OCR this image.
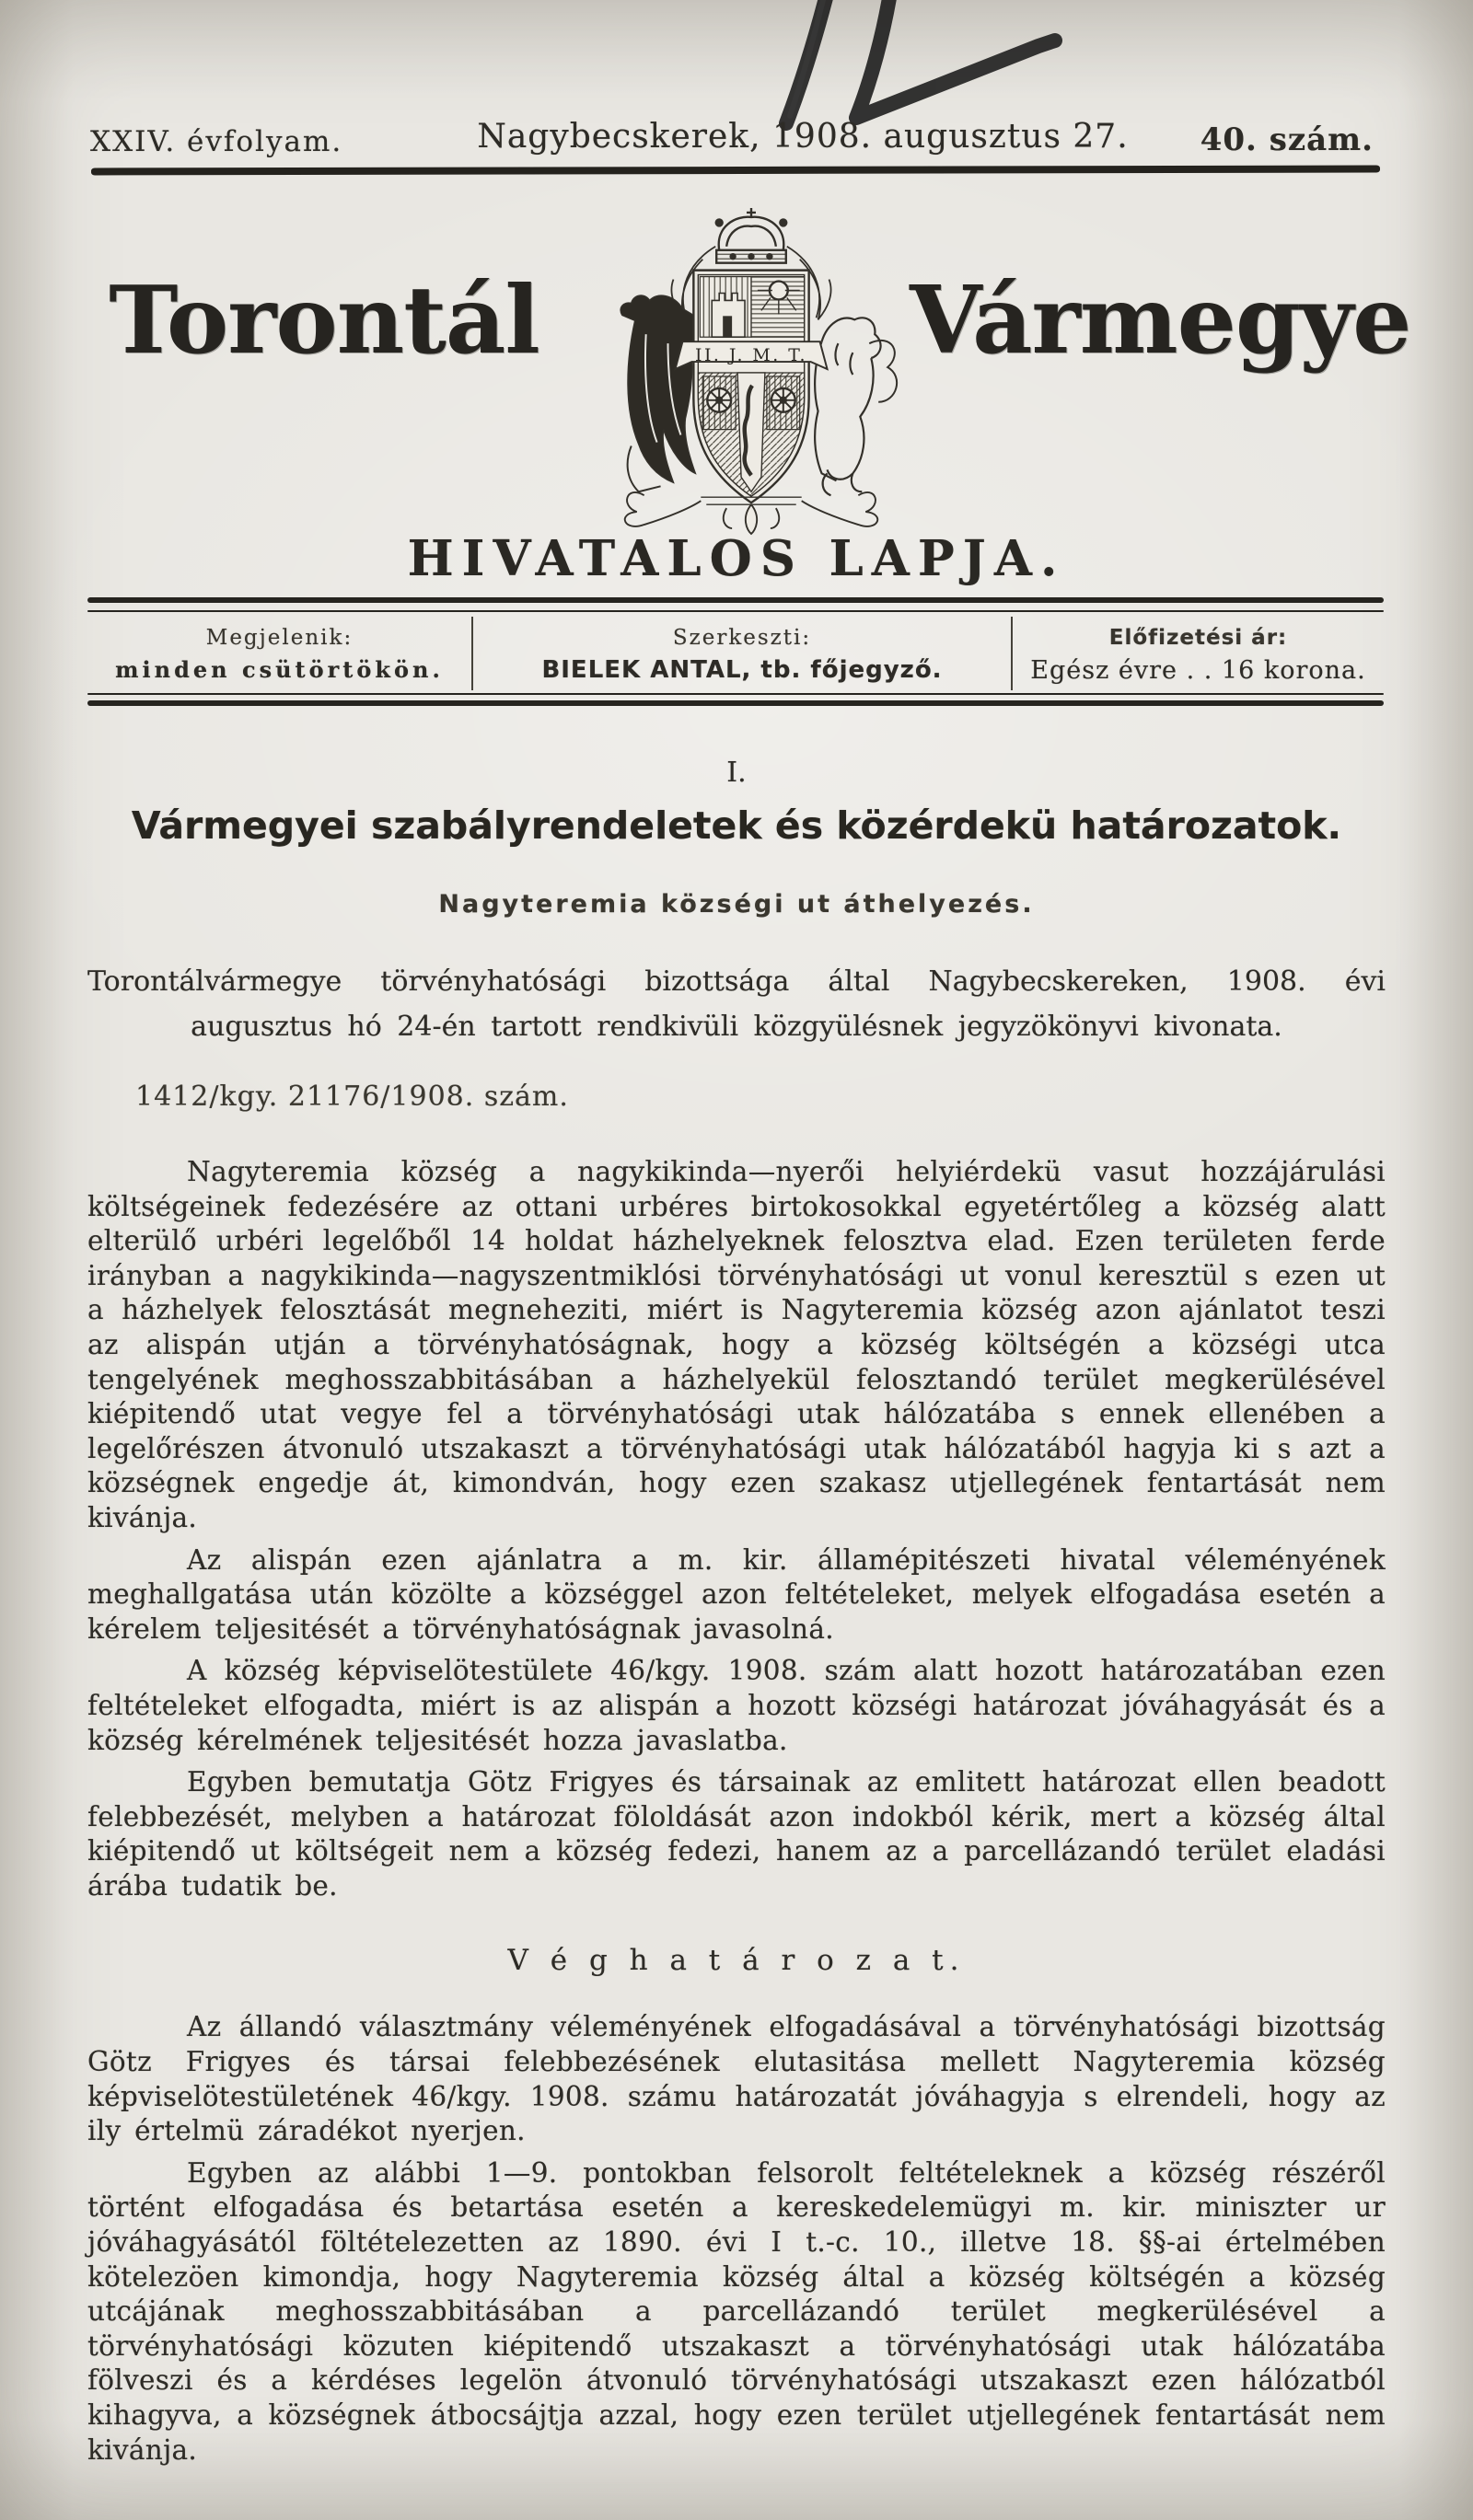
XXIV. évfolyam.	Nagybecskerek, 1908. augusztus 27. 40. szám.
Torontál	Vármegye
II. J. M. T.
HIVATALOS LAPJA.
Megjelenik:
minden csütörtökön.
Szerkeszti:
BIELEK ANTAL, tb. főjegyző.
Előfizetési ár:
Egész évre . . 16 korona.
I.
Vármegyei szabályrendeletek és közérdekü határozatok.
Nagyteremia községi ut áthelyezés.
Torontálvármegye törvényhatósági bizottsága által Nagybecskereken, 1908. évi augusztus hó 24-én tartott rendkivüli közgyülésnek jegyzökönyvi kivonata.
1412/kgy. 21176/1908. szám.

Nagyteremia község a nagykikinda—nyerői helyiérdekü vasut hozzájárulási költségeinek fedezésére az ottani urbéres birtokosokkal egyetértőleg a község alatt elterülő urbéri legelőből 14 holdat házhelyeknek felosztva elad. Ezen területen ferde irányban a nagykikinda—nagyszentmiklósi törvényhatósági ut vonul keresztül s ezen ut a házhelyek felosztását megneheziti, miért is Nagyteremia község azon ajánlatot teszi az alispán utján a törvényhatóságnak, hogy a község költségén a községi utca tengelyének meghosszabbitásában a házhelyekül felosztandó terület megkerülésével kiépitendő utat vegye fel a törvényhatósági utak hálózatába s ennek ellenében a legelőrészen átvonuló utszakaszt a törvényhatósági utak hálózatából hagyja ki s azt a községnek engedje át, kimondván, hogy ezen szakasz utjellegének fentartását nem kivánja.

Az alispán ezen ajánlatra a m. kir. államépitészeti hivatal véleményének meghallgatása után közölte a községgel azon feltételeket, melyek elfogadása esetén a kérelem teljesitését a törvényhatóságnak javasolná.

A község képviselötestülete 46/kgy. 1908. szám alatt hozott határozatában ezen feltételeket elfogadta, miért is az alispán a hozott községi határozat jóváhagyását és a község kérelmének teljesitését hozza javaslatba.

Egyben bemutatja Götz Frigyes és társainak az emlitett határozat ellen beadott felebbezését, melyben a határozat föloldását azon indokból kérik, mert a község által kiépitendő ut költségeit nem a község fedezi, hanem az a parcellázandó terület eladási árába tudatik be.

V é g h a t á r o z a t.

Az állandó választmány véleményének elfogadásával a törvényhatósági bizottság Götz Frigyes és társai felebbezésének elutasitása mellett Nagyteremia község képviselötestületének 46/kgy. 1908. számu határozatát jóváhagyja s elrendeli, hogy az ily értelmü záradékot nyerjen.

Egyben az alábbi 1—9. pontokban felsorolt feltételeknek a község részéről történt elfogadása és betartása esetén a kereskedelemügyi m. kir. miniszter ur jóváhagyásától föltételezetten az 1890. évi I t.-c. 10., illetve 18. §§-ai értelmében kötelezöen kimondja, hogy Nagyteremia község által a község költségén a község utcájának meghosszabbitásában a parcellázandó terület megkerülésével a törvényhatósági közuten kiépitendő utszakaszt a törvényhatósági utak hálózatába fölveszi és a kérdéses legelön átvonuló törvényhatósági utszakaszt ezen hálózatból kihagyva, a községnek átbocsájtja azzal, hogy ezen terület utjellegének fentartását nem kivánja.
